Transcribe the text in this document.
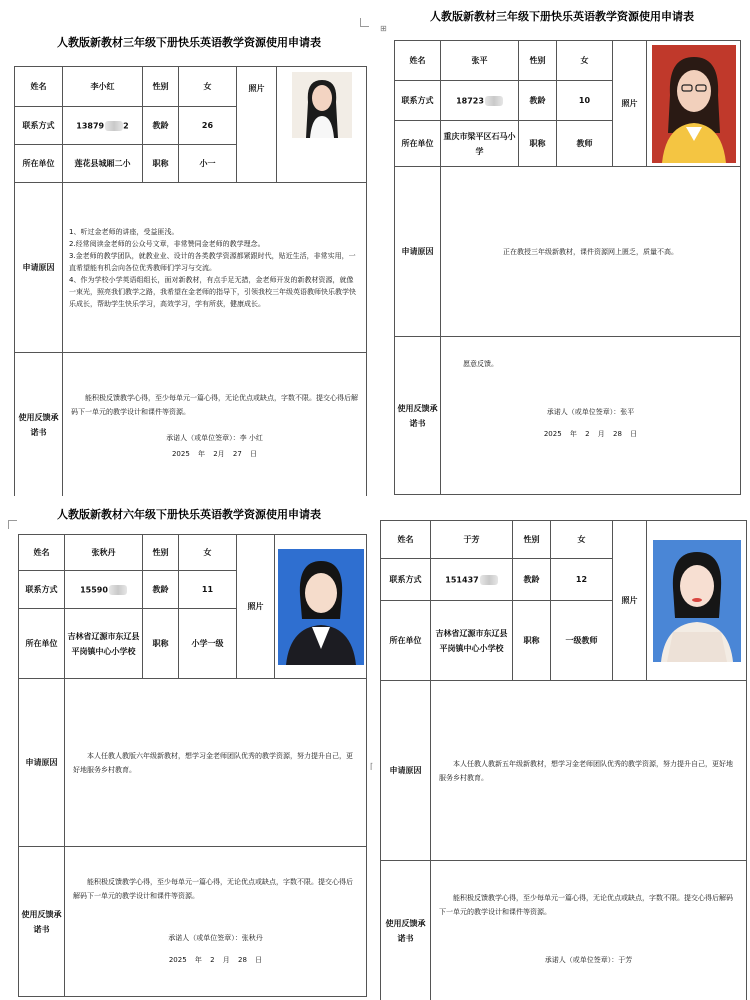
人教版新教材三年级下册快乐英语教学资源使用申请表
姓名	李小红	性别	女	照片	

联系方式	13879 2	教龄	26		
所在单位	莲花县城厢二小	职称	小一		
申请原因	1、听过金老师的讲座，受益匪浅。
2.经常阅读金老师的公众号文章，非常赞同金老师的教学理念。
3.金老师的教学团队，就教业业、设计的各类教学资源都紧跟时代，贴近生活，非常实用，一直希望能有机会向各位优秀教师们学习与交流。
4、作为学校小学英语组组长，面对新教材，有点手足无措，金老师开发的新教材资源，就像一束光，照亮我们教学之路，我希望在金老师的指导下，引领我校三年级英语教师快乐教学快乐成长，帮助学生快乐学习，高效学习，学有所获，健康成长。				

使用反馈承诺书	能积极反馈教学心得，至少每单元一篇心得，无论优点或缺点，字数不限。提交心得后解码下一单元的教学设计和课件等资源。
承诺人（或单位签章）：李 小红
2025 年 2月 27 日				
人教版新教材三年级下册快乐英语教学资源使用申请表
⊞
姓名	张平	性别	女	照片	

联系方式	18723	教龄	10		
所在单位	重庆市梁平区石马小学	职称	教师		
申请原因	正在教授三年级新教材，课件资源网上匮乏，质量不高。				

使用反馈承诺书	愿意反馈。
承诺人（或单位签章）：张平
2025 年 2 月 28 日				
人教版新教材六年级下册快乐英语教学资源使用申请表
姓名	张秋丹	性别	女	照片	

联系方式	15590	教龄	11		
所在单位	吉林省辽源市东辽县平岗镇中心小学校	职称	小学一级		
申请原因	本人任教人教版六年级新教材，想学习金老师团队优秀的教学资源，努力提升自己，更好地服务乡村教育。				

使用反馈承诺书	能积极反馈教学心得，至少每单元一篇心得，无论优点或缺点，字数不限。提交心得后解码下一单元的教学设计和课件等资源。
承诺人（或单位签章）：张秋丹
2025 年 2 月 28 日				
⌈
姓名	于芳	性别	女	照片	

联系方式	151437	教龄	12		
所在单位	吉林省辽源市东辽县平岗镇中心小学校	职称	一级教师		
申请原因	本人任教人教新五年级新教材，想学习金老师团队优秀的教学资源，努力提升自己，更好地服务乡村教育。				

使用反馈承诺书	能积极反馈教学心得，至少每单元一篇心得，无论优点或缺点，字数不限。提交心得后解码下一单元的教学设计和课件等资源。
承诺人（或单位签章）：于芳				
